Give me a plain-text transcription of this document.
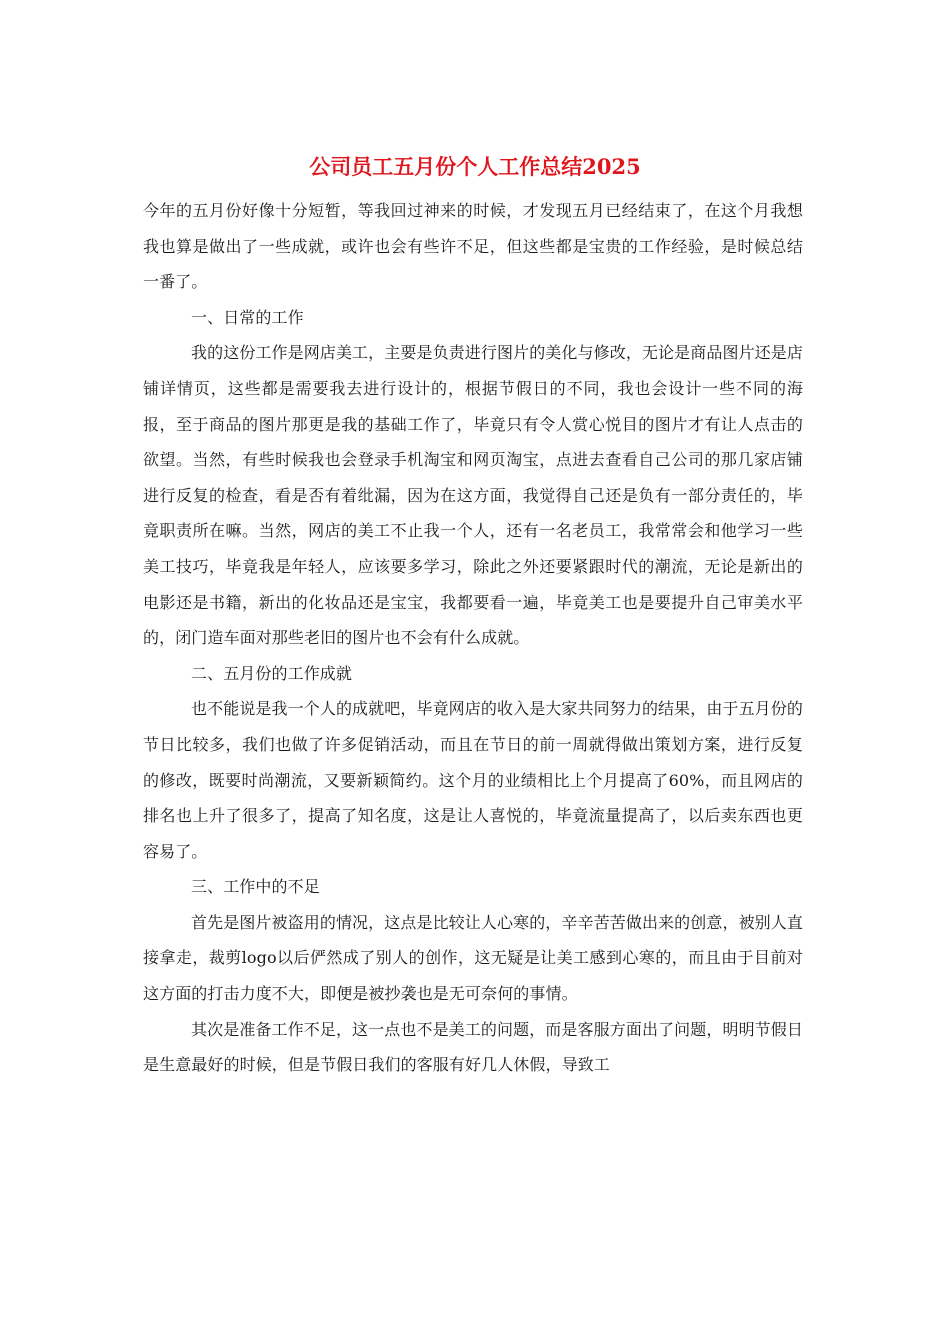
公司员工五月份个人工作总结2025

今年的五月份好像十分短暂，等我回过神来的时候，才发现五月已经结束了，在这个月我想我也算是做出了一些成就，或许也会有些许不足，但这些都是宝贵的工作经验，是时候总结一番了。

一、日常的工作

我的这份工作是网店美工，主要是负责进行图片的美化与修改，无论是商品图片还是店铺详情页，这些都是需要我去进行设计的，根据节假日的不同，我也会设计一些不同的海报，至于商品的图片那更是我的基础工作了，毕竟只有令人赏心悦目的图片才有让人点击的欲望。当然，有些时候我也会登录手机淘宝和网页淘宝，点进去查看自己公司的那几家店铺进行反复的检查，看是否有着纰漏，因为在这方面，我觉得自己还是负有一部分责任的，毕竟职责所在嘛。当然，网店的美工不止我一个人，还有一名老员工，我常常会和他学习一些美工技巧，毕竟我是年轻人，应该要多学习，除此之外还要紧跟时代的潮流，无论是新出的电影还是书籍，新出的化妆品还是宝宝，我都要看一遍，毕竟美工也是要提升自己审美水平的，闭门造车面对那些老旧的图片也不会有什么成就。

二、五月份的工作成就

也不能说是我一个人的成就吧，毕竟网店的收入是大家共同努力的结果，由于五月份的节日比较多，我们也做了许多促销活动，而且在节日的前一周就得做出策划方案，进行反复的修改，既要时尚潮流，又要新颖简约。这个月的业绩相比上个月提高了60%，而且网店的排名也上升了很多了，提高了知名度，这是让人喜悦的，毕竟流量提高了，以后卖东西也更容易了。

三、工作中的不足

首先是图片被盗用的情况，这点是比较让人心寒的，辛辛苦苦做出来的创意，被别人直接拿走，裁剪logo以后俨然成了别人的创作，这无疑是让美工感到心寒的，而且由于目前对这方面的打击力度不大，即便是被抄袭也是无可奈何的事情。

其次是准备工作不足，这一点也不是美工的问题，而是客服方面出了问题，明明节假日是生意最好的时候，但是节假日我们的客服有好几人休假，导致工
